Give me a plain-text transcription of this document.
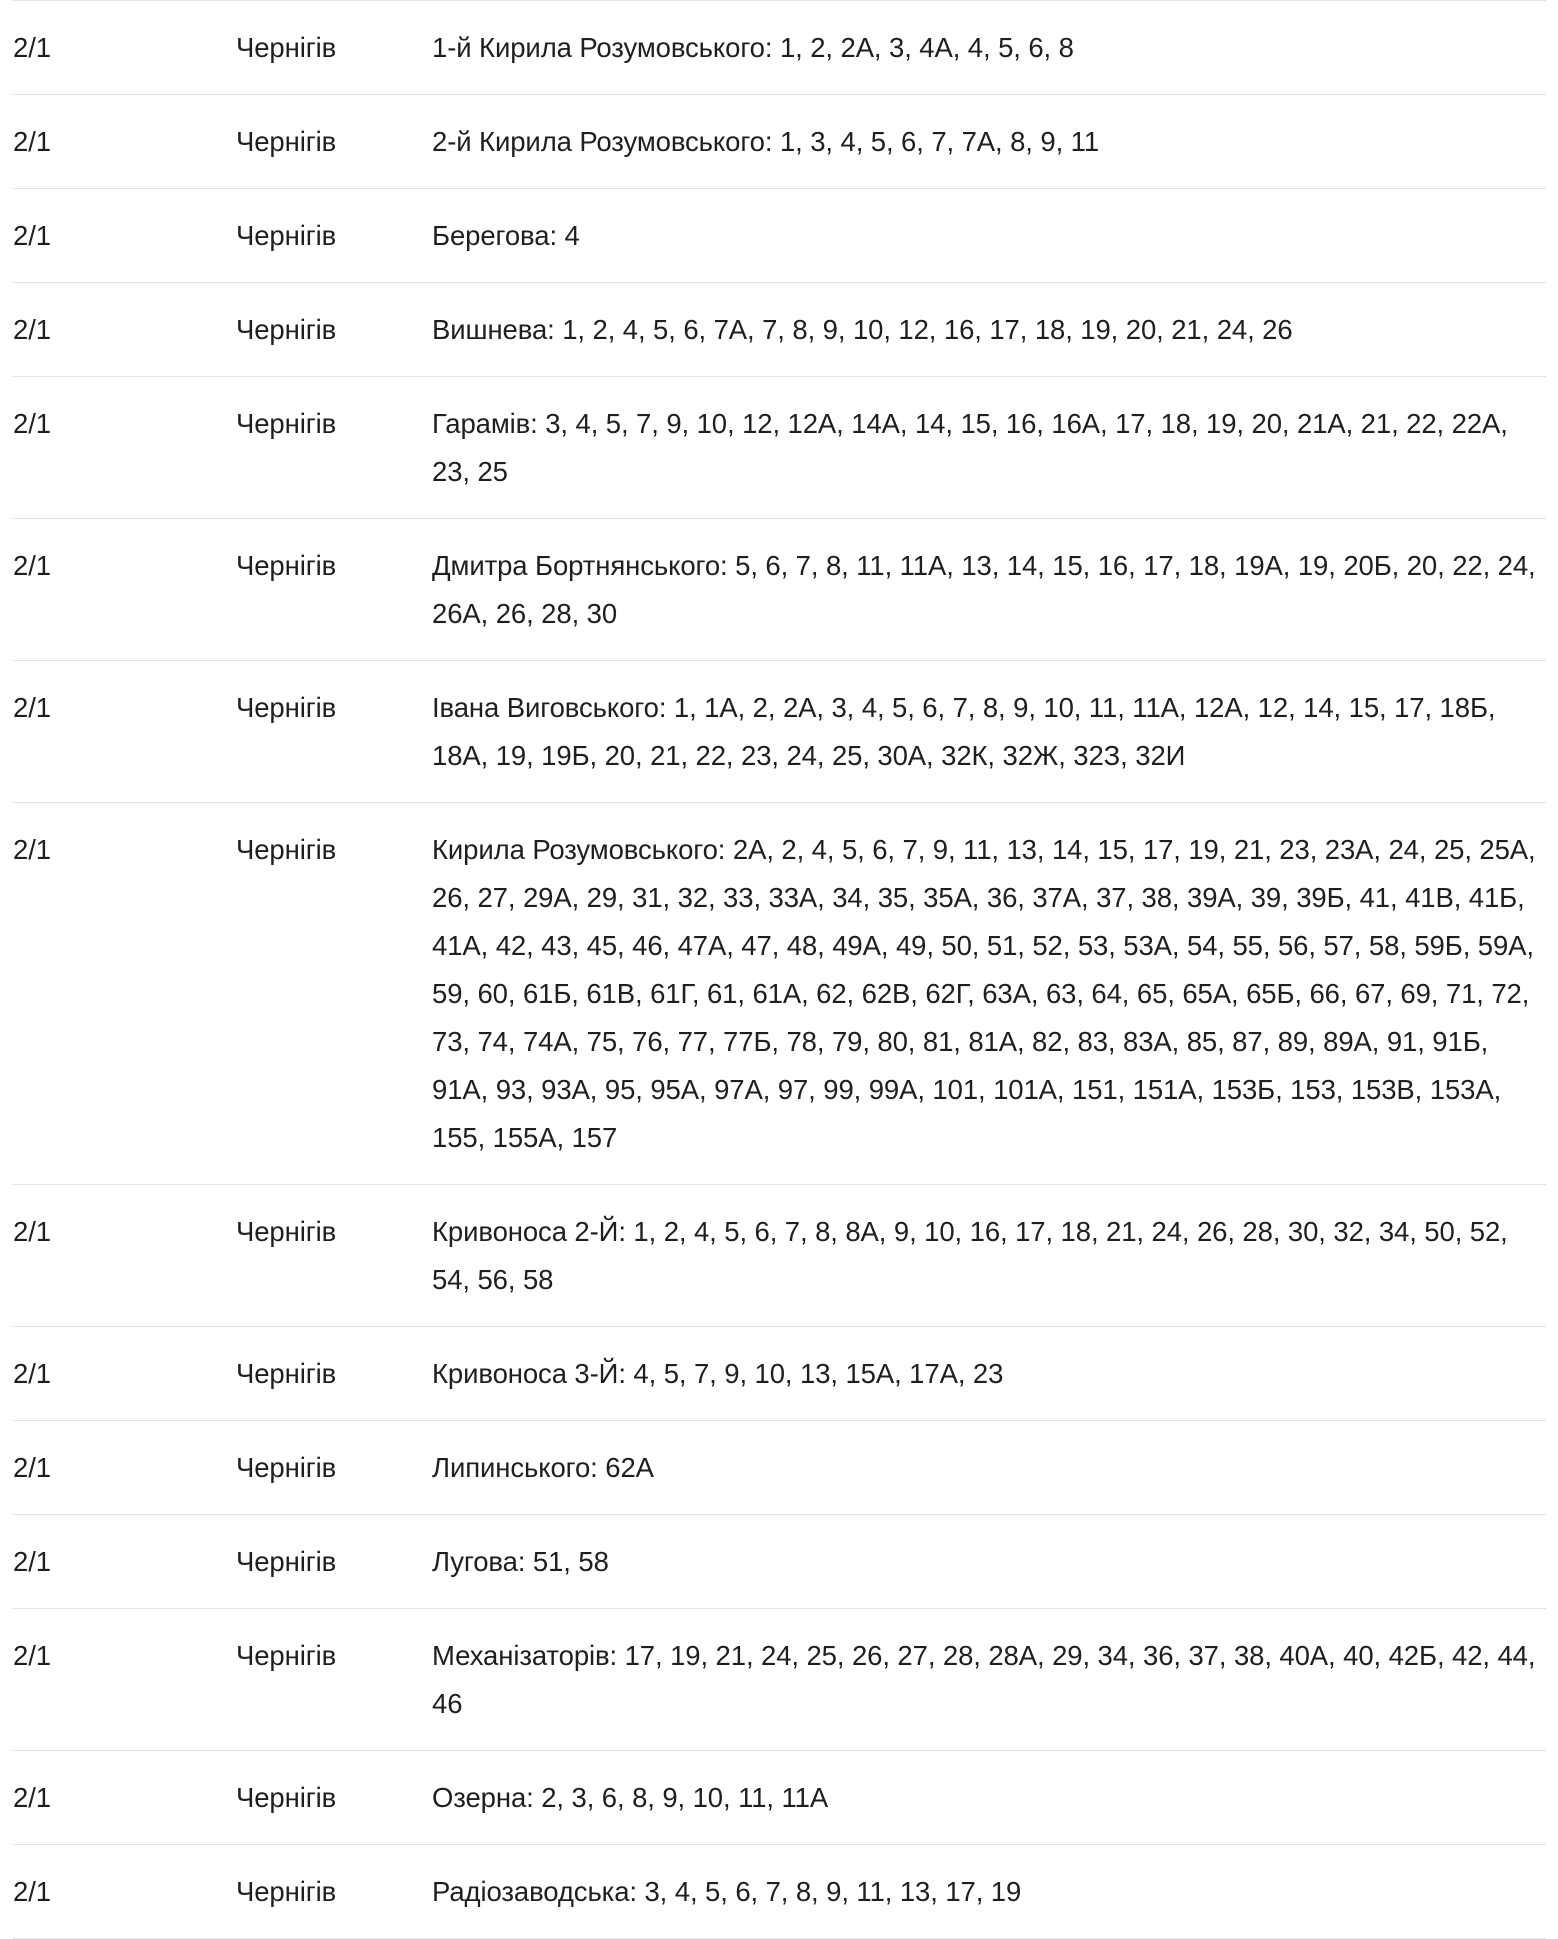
2/1	Чернігів	1-й Кирила Розумовського: 1, 2, 2А, 3, 4А, 4, 5, 6, 8
2/1	Чернігів	2-й Кирила Розумовського: 1, 3, 4, 5, 6, 7, 7А, 8, 9, 11
2/1	Чернігів	Берегова: 4
2/1	Чернігів	Вишнева: 1, 2, 4, 5, 6, 7А, 7, 8, 9, 10, 12, 16, 17, 18, 19, 20, 21, 24, 26
2/1	Чернігів	Гарамів: 3, 4, 5, 7, 9, 10, 12, 12А, 14А, 14, 15, 16, 16А, 17, 18, 19, 20, 21А, 21, 22, 22А, 23, 25
2/1	Чернігів	Дмитра Бортнянського: 5, 6, 7, 8, 11, 11А, 13, 14, 15, 16, 17, 18, 19А, 19, 20Б, 20, 22, 24, 26А, 26, 28, 30
2/1	Чернігів	Івана Виговського: 1, 1А, 2, 2А, 3, 4, 5, 6, 7, 8, 9, 10, 11, 11А, 12А, 12, 14, 15, 17, 18Б, 18А, 19, 19Б, 20, 21, 22, 23, 24, 25, 30А, 32К, 32Ж, 32З, 32И
2/1	Чернігів	Кирила Розумовського: 2А, 2, 4, 5, 6, 7, 9, 11, 13, 14, 15, 17, 19, 21, 23, 23А, 24, 25, 25А, 26, 27, 29А, 29, 31, 32, 33, 33А, 34, 35, 35А, 36, 37А, 37, 38, 39А, 39, 39Б, 41, 41В, 41Б, 41А, 42, 43, 45, 46, 47А, 47, 48, 49А, 49, 50, 51, 52, 53, 53А, 54, 55, 56, 57, 58, 59Б, 59А, 59, 60, 61Б, 61В, 61Г, 61, 61А, 62, 62В, 62Г, 63А, 63, 64, 65, 65А, 65Б, 66, 67, 69, 71, 72, 73, 74, 74А, 75, 76, 77, 77Б, 78, 79, 80, 81, 81А, 82, 83, 83А, 85, 87, 89, 89А, 91, 91Б, 91А, 93, 93А, 95, 95А, 97А, 97, 99, 99А, 101, 101А, 151, 151А, 153Б, 153, 153В, 153А, 155, 155А, 157
2/1	Чернігів	Кривоноса 2-Й: 1, 2, 4, 5, 6, 7, 8, 8А, 9, 10, 16, 17, 18, 21, 24, 26, 28, 30, 32, 34, 50, 52, 54, 56, 58
2/1	Чернігів	Кривоноса 3-Й: 4, 5, 7, 9, 10, 13, 15А, 17А, 23
2/1	Чернігів	Липинського: 62А
2/1	Чернігів	Лугова: 51, 58
2/1	Чернігів	Механізаторів: 17, 19, 21, 24, 25, 26, 27, 28, 28А, 29, 34, 36, 37, 38, 40А, 40, 42Б, 42, 44, 46
2/1	Чернігів	Озерна: 2, 3, 6, 8, 9, 10, 11, 11А
2/1	Чернігів	Радіозаводська: 3, 4, 5, 6, 7, 8, 9, 11, 13, 17, 19
